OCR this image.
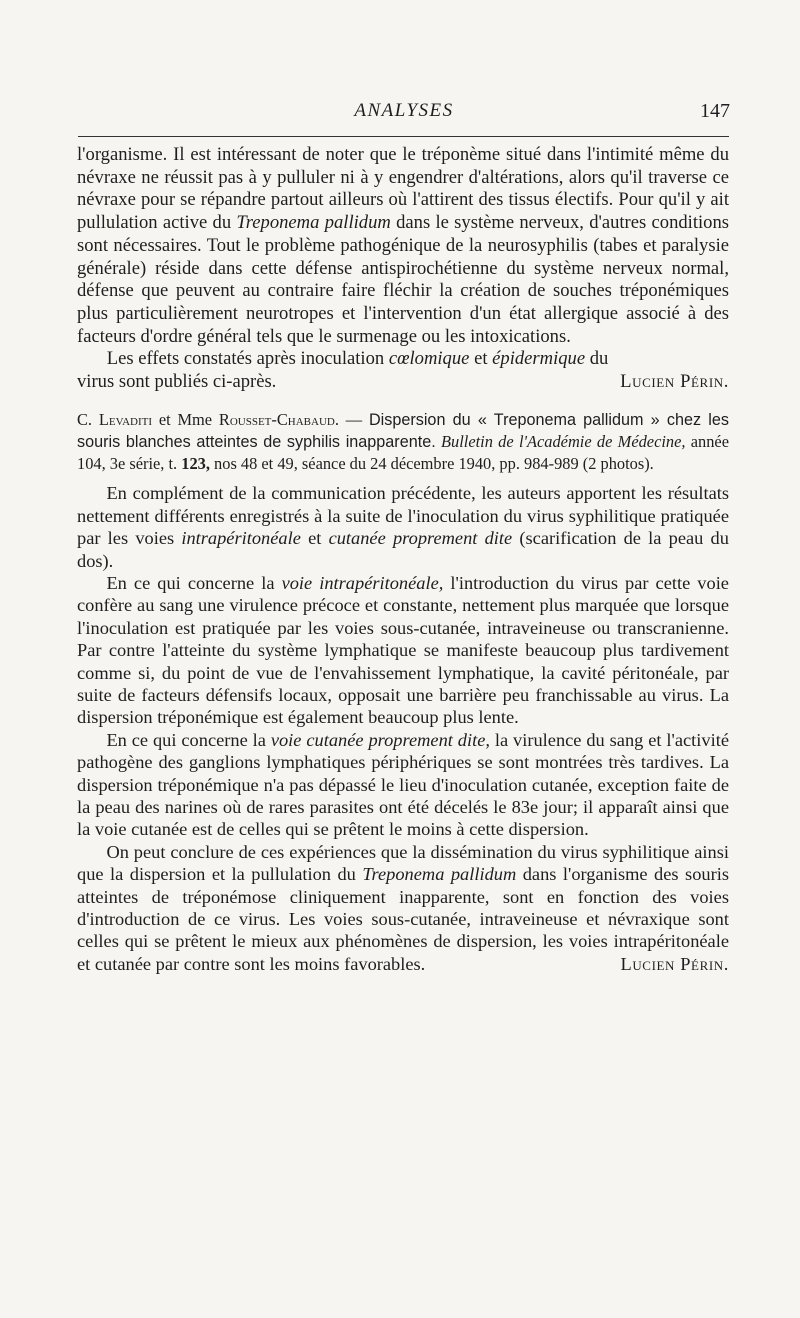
ANALYSES	147

l'organisme. Il est intéressant de noter que le tréponème situé dans l'intimité même du névraxe ne réussit pas à y pulluler ni à y engendrer d'altérations, alors qu'il traverse ce névraxe pour se répandre partout ailleurs où l'attirent des tissus électifs. Pour qu'il y ait pullulation active du Treponema pallidum dans le système nerveux, d'autres conditions sont nécessaires. Tout le problème pathogénique de la neurosyphilis (tabes et paralysie générale) réside dans cette défense antispirochétienne du système nerveux normal, défense que peuvent au contraire faire fléchir la création de souches tréponémiques plus particulièrement neurotropes et l'intervention d'un état allergique associé à des facteurs d'ordre général tels que le surmenage ou les intoxications.

Les effets constatés après inoculation cœlomique et épidermique du

virus sont publiés ci-après.	Lucien Périn.

C. Levaditi et Mme Rousset-Chabaud. — Dispersion du « Treponema pallidum » chez les souris blanches atteintes de syphilis inapparente. Bulletin de l'Académie de Médecine, année 104, 3e série, t. 123, nos 48 et 49, séance du 24 décembre 1940, pp. 984-989 (2 photos).

En complément de la communication précédente, les auteurs apportent les résultats nettement différents enregistrés à la suite de l'inoculation du virus syphilitique pratiquée par les voies intrapéritonéale et cutanée proprement dite (scarification de la peau du dos).

En ce qui concerne la voie intrapéritonéale, l'introduction du virus par cette voie confère au sang une virulence précoce et constante, nettement plus marquée que lorsque l'inoculation est pratiquée par les voies sous-cutanée, intraveineuse ou transcranienne. Par contre l'atteinte du système lymphatique se manifeste beaucoup plus tardivement comme si, du point de vue de l'envahissement lymphatique, la cavité péritonéale, par suite de facteurs défensifs locaux, opposait une barrière peu franchissable au virus. La dispersion tréponémique est également beaucoup plus lente.

En ce qui concerne la voie cutanée proprement dite, la virulence du sang et l'activité pathogène des ganglions lymphatiques périphériques se sont montrées très tardives. La dispersion tréponémique n'a pas dépassé le lieu d'inoculation cutanée, exception faite de la peau des narines où de rares parasites ont été décelés le 83e jour; il apparaît ainsi que la voie cutanée est de celles qui se prêtent le moins à cette dispersion.

On peut conclure de ces expériences que la dissémination du virus syphilitique ainsi que la dispersion et la pullulation du Treponema pallidum dans l'organisme des souris atteintes de tréponémose cliniquement inapparente, sont en fonction des voies d'introduction de ce virus. Les voies sous-cutanée, intraveineuse et névraxique sont celles qui se prêtent le mieux aux phénomènes de dispersion, les voies intrapéritonéale et cutanée par contre sont les moins favorables.	Lucien Périn.
